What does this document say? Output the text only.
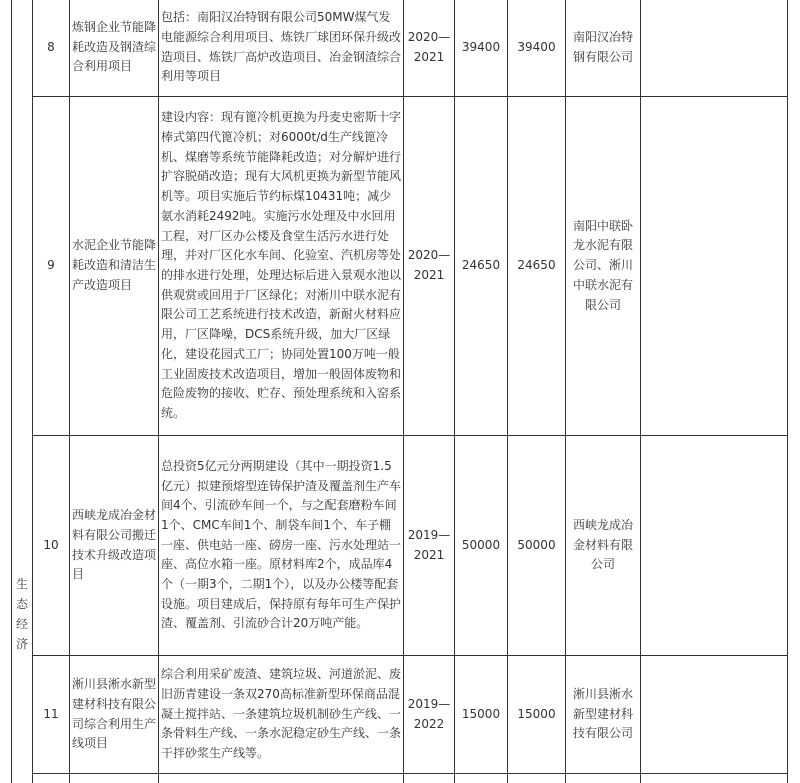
生态经济	8	炼钢企业节能降耗改造及钢渣综合利用项目	包括：南阳汉冶特钢有限公司50MW煤气发电能源综合利用项目、炼铁厂球团环保升级改造项目、炼铁厂高炉改造项目、冶金钢渣综合利用等项目	2020—2021	39400	39400	南阳汉冶特钢有限公司	
	9	水泥企业节能降耗改造和清洁生产改造项目	建设内容：现有篦冷机更换为丹麦史密斯十字棒式第四代篦冷机；对6000t/d生产线篦冷机、煤磨等系统节能降耗改造；对分解炉进行扩容脱硝改造；现有大风机更换为新型节能风机等。项目实施后节约标煤10431吨；减少氨水消耗2492吨。实施污水处理及中水回用工程，对厂区办公楼及食堂生活污水进行处理，并对厂区化水车间、化验室、汽机房等处的排水进行处理，处理达标后进入景观水池以供观赏或回用于厂区绿化；对淅川中联水泥有限公司工艺系统进行技术改造，新耐火材料应用，厂区降噪，DCS系统升级，加大厂区绿化，建设花园式工厂；协同处置100万吨一般工业固废技术改造项目，增加一般固体废物和危险废物的接收、贮存、预处理系统和入窑系统。	2020—2021	24650	24650	南阳中联卧龙水泥有限公司、淅川中联水泥有限公司	
	10	西峡龙成冶金材料有限公司搬迁技术升级改造项目	总投资5亿元分两期建设（其中一期投资1.5亿元）拟建预熔型连铸保护渣及覆盖剂生产车间4个、引流砂车间一个，与之配套磨粉车间1个、CMC车间1个、制袋车间1个、车子棚一座、供电站一座、磅房一座、污水处理站一座、高位水箱一座。原材料库2个，成品库4个（一期3个，二期1个），以及办公楼等配套设施。项目建成后，保持原有每年可生产保护渣、覆盖剂、引流砂合计20万吨产能。	2019—2021	50000	50000	西峡龙成冶金材料有限公司	
	11	淅川县淅水新型建材科技有限公司综合利用生产线项目	综合利用采矿废渣、建筑垃圾、河道淤泥、废旧沥青建设一条双270高标准新型环保商品混凝土搅拌站、一条建筑垃圾机制砂生产线、一条骨料生产线、一条水泥稳定砂生产线、一条干拌砂浆生产线等。	2019—2022	15000	15000	淅川县淅水新型建材科技有限公司	
